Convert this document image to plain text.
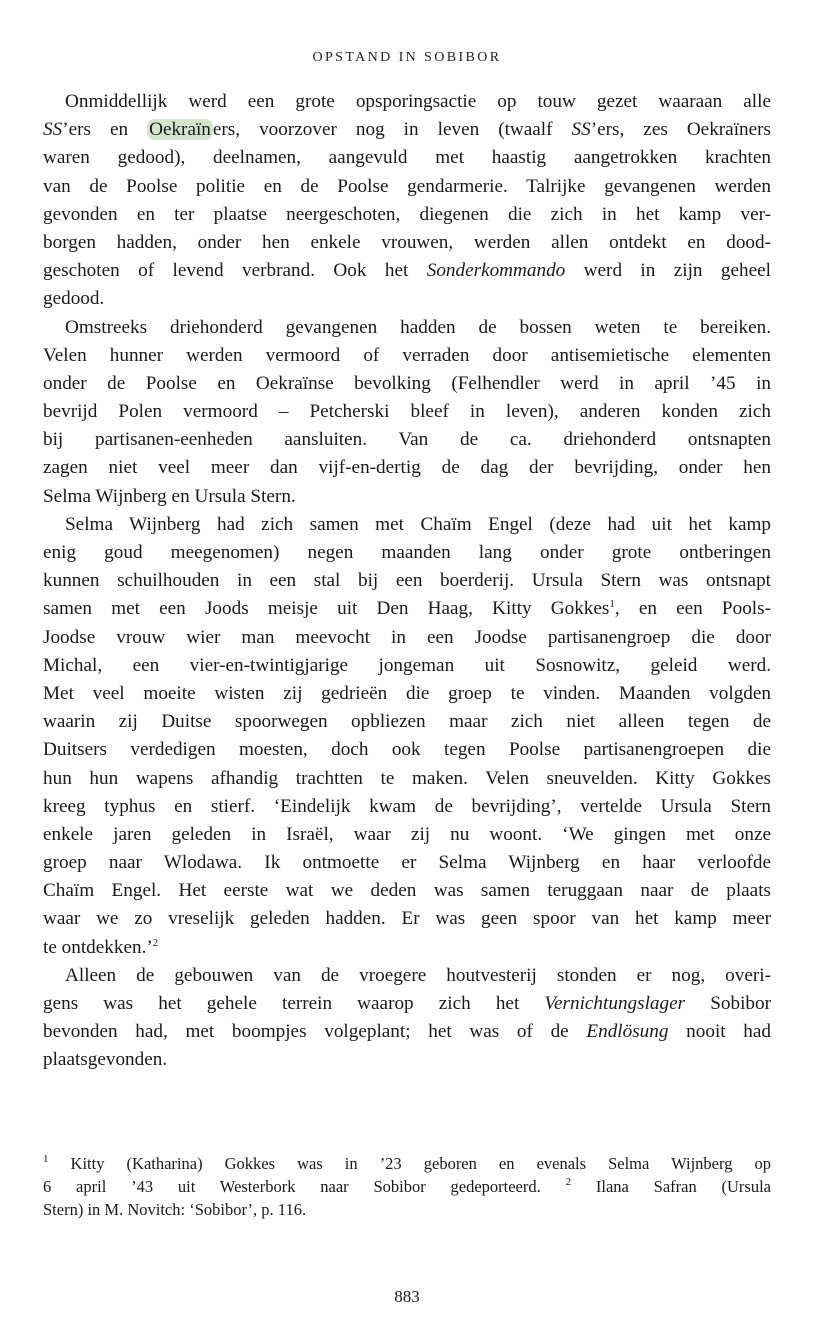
OPSTAND IN SOBIBOR
Onmiddellijk werd een grote opsporingsactie op touw gezet waaraan alle
SS’ers en Oekraïn ers, voorzover nog in leven (twaalf SS’ers, zes Oekraïners
waren gedood), deelnamen, aangevuld met haastig aangetrokken krachten
van de Poolse politie en de Poolse gendarmerie. Talrijke gevangenen werden
gevonden en ter plaatse neergeschoten, diegenen die zich in het kamp ver-
borgen hadden, onder hen enkele vrouwen, werden allen ontdekt en dood-
geschoten of levend verbrand. Ook het Sonderkommando werd in zijn geheel
gedood.
Omstreeks driehonderd gevangenen hadden de bossen weten te bereiken.
Velen hunner werden vermoord of verraden door antisemietische elementen
onder de Poolse en Oekraïnse bevolking (Felhendler werd in april ’45 in
bevrijd Polen vermoord – Petcherski bleef in leven), anderen konden zich
bij partisanen-eenheden aansluiten. Van de ca. driehonderd ontsnapten
zagen niet veel meer dan vijf-en-dertig de dag der bevrijding, onder hen
Selma Wijnberg en Ursula Stern.
Selma Wijnberg had zich samen met Chaïm Engel (deze had uit het kamp
enig goud meegenomen) negen maanden lang onder grote ontberingen
kunnen schuilhouden in een stal bij een boerderij. Ursula Stern was ontsnapt
samen met een Joods meisje uit Den Haag, Kitty Gokkes$^1$, en een Pools-
Joodse vrouw wier man meevocht in een Joodse partisanengroep die door
Michal, een vier-en-twintigjarige jongeman uit Sosnowitz, geleid werd.
Met veel moeite wisten zij gedrieën die groep te vinden. Maanden volgden
waarin zij Duitse spoorwegen opbliezen maar zich niet alleen tegen de
Duitsers verdedigen moesten, doch ook tegen Poolse partisanengroepen die
hun hun wapens afhandig trachtten te maken. Velen sneuvelden. Kitty Gokkes
kreeg typhus en stierf. ‘Eindelijk kwam de bevrijding’, vertelde Ursula Stern
enkele jaren geleden in Israël, waar zij nu woont. ‘We gingen met onze
groep naar Wlodawa. Ik ontmoette er Selma Wijnberg en haar verloofde
Chaïm Engel. Het eerste wat we deden was samen teruggaan naar de plaats
waar we zo vreselijk geleden hadden. Er was geen spoor van het kamp meer
te ontdekken.’$^2$
Alleen de gebouwen van de vroegere houtvesterij stonden er nog, overi-
gens was het gehele terrein waarop zich het Vernichtungslager Sobibor
bevonden had, met boompjes volgeplant; het was of de Endlösung nooit had
plaatsgevonden.
$^1$ Kitty (Katharina) Gokkes was in ’23 geboren en evenals Selma Wijnberg op
6 april ’43 uit Westerbork naar Sobibor gedeporteerd. $^2$ Ilana Safran (Ursula
Stern) in M. Novitch: ‘Sobibor’, p. 116.
883
